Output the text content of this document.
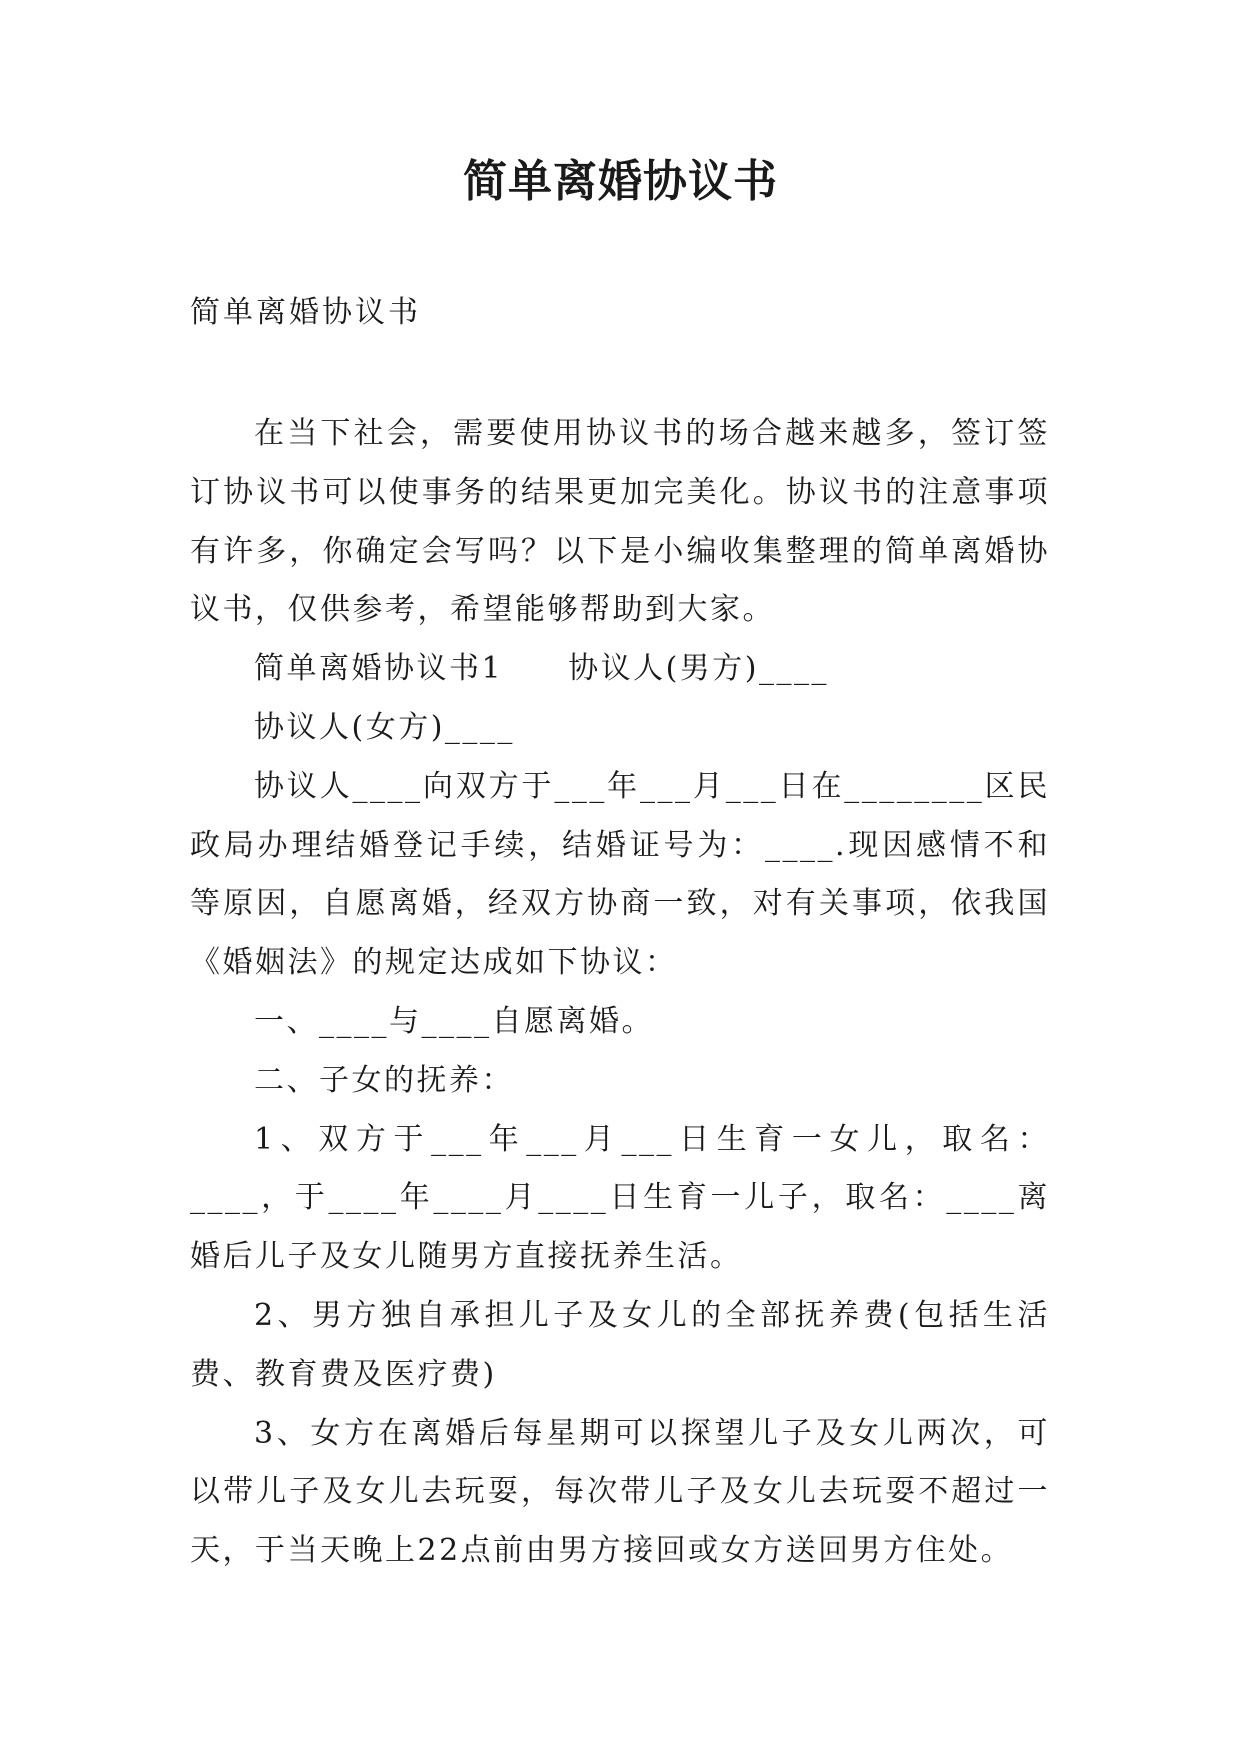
简单离婚协议书
简单离婚协议书

在当下社会，需要使用协议书的场合越来越多，签订签订协议书可以使事务的结果更加完美化。协议书的注意事项有许多，你确定会写吗？以下是小编收集整理的简单离婚协议书，仅供参考，希望能够帮助到大家。

简单离婚协议书1　　协议人(男方)____

协议人(女方)____

协议人____向双方于___年___月___日在________区民政局办理结婚登记手续，结婚证号为：____.现因感情不和等原因，自愿离婚，经双方协商一致，对有关事项，依我国《婚姻法》的规定达成如下协议：

一、____与____自愿离婚。

二、子女的抚养：

1、双方于___年___月___日生育一女儿，取名：____，于____年____月____日生育一儿子，取名：____离婚后儿子及女儿随男方直接抚养生活。

2、男方独自承担儿子及女儿的全部抚养费(包括生活费、教育费及医疗费)

3、女方在离婚后每星期可以探望儿子及女儿两次，可以带儿子及女儿去玩耍，每次带儿子及女儿去玩耍不超过一天，于当天晚上22点前由男方接回或女方送回男方住处。
